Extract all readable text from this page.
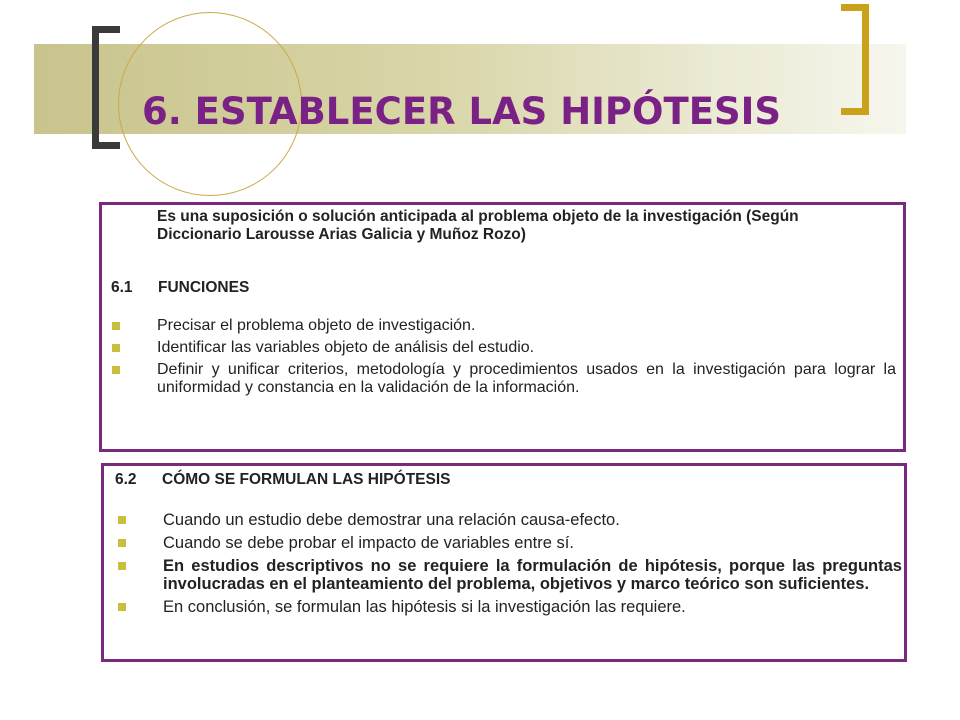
6. ESTABLECER LAS HIPÓTESIS
Es una suposición o solución anticipada al problema objeto de la investigación (Según Diccionario Larousse Arias Galicia y Muñoz Rozo)
6.1 FUNCIONES
Precisar el problema objeto de investigación.
Identificar las variables objeto de análisis del estudio.
Definir y unificar criterios, metodología y procedimientos usados en la investigación para lograr la uniformidad y constancia en la validación de la información.
6.2 CÓMO SE FORMULAN LAS HIPÓTESIS
Cuando un estudio debe demostrar una relación causa-efecto.
Cuando se debe probar el impacto de variables entre sí.
En estudios descriptivos no se requiere la formulación de hipótesis, porque las preguntas involucradas en el planteamiento del problema, objetivos y marco teórico son suficientes.
En conclusión, se formulan las hipótesis si la investigación las requiere.
